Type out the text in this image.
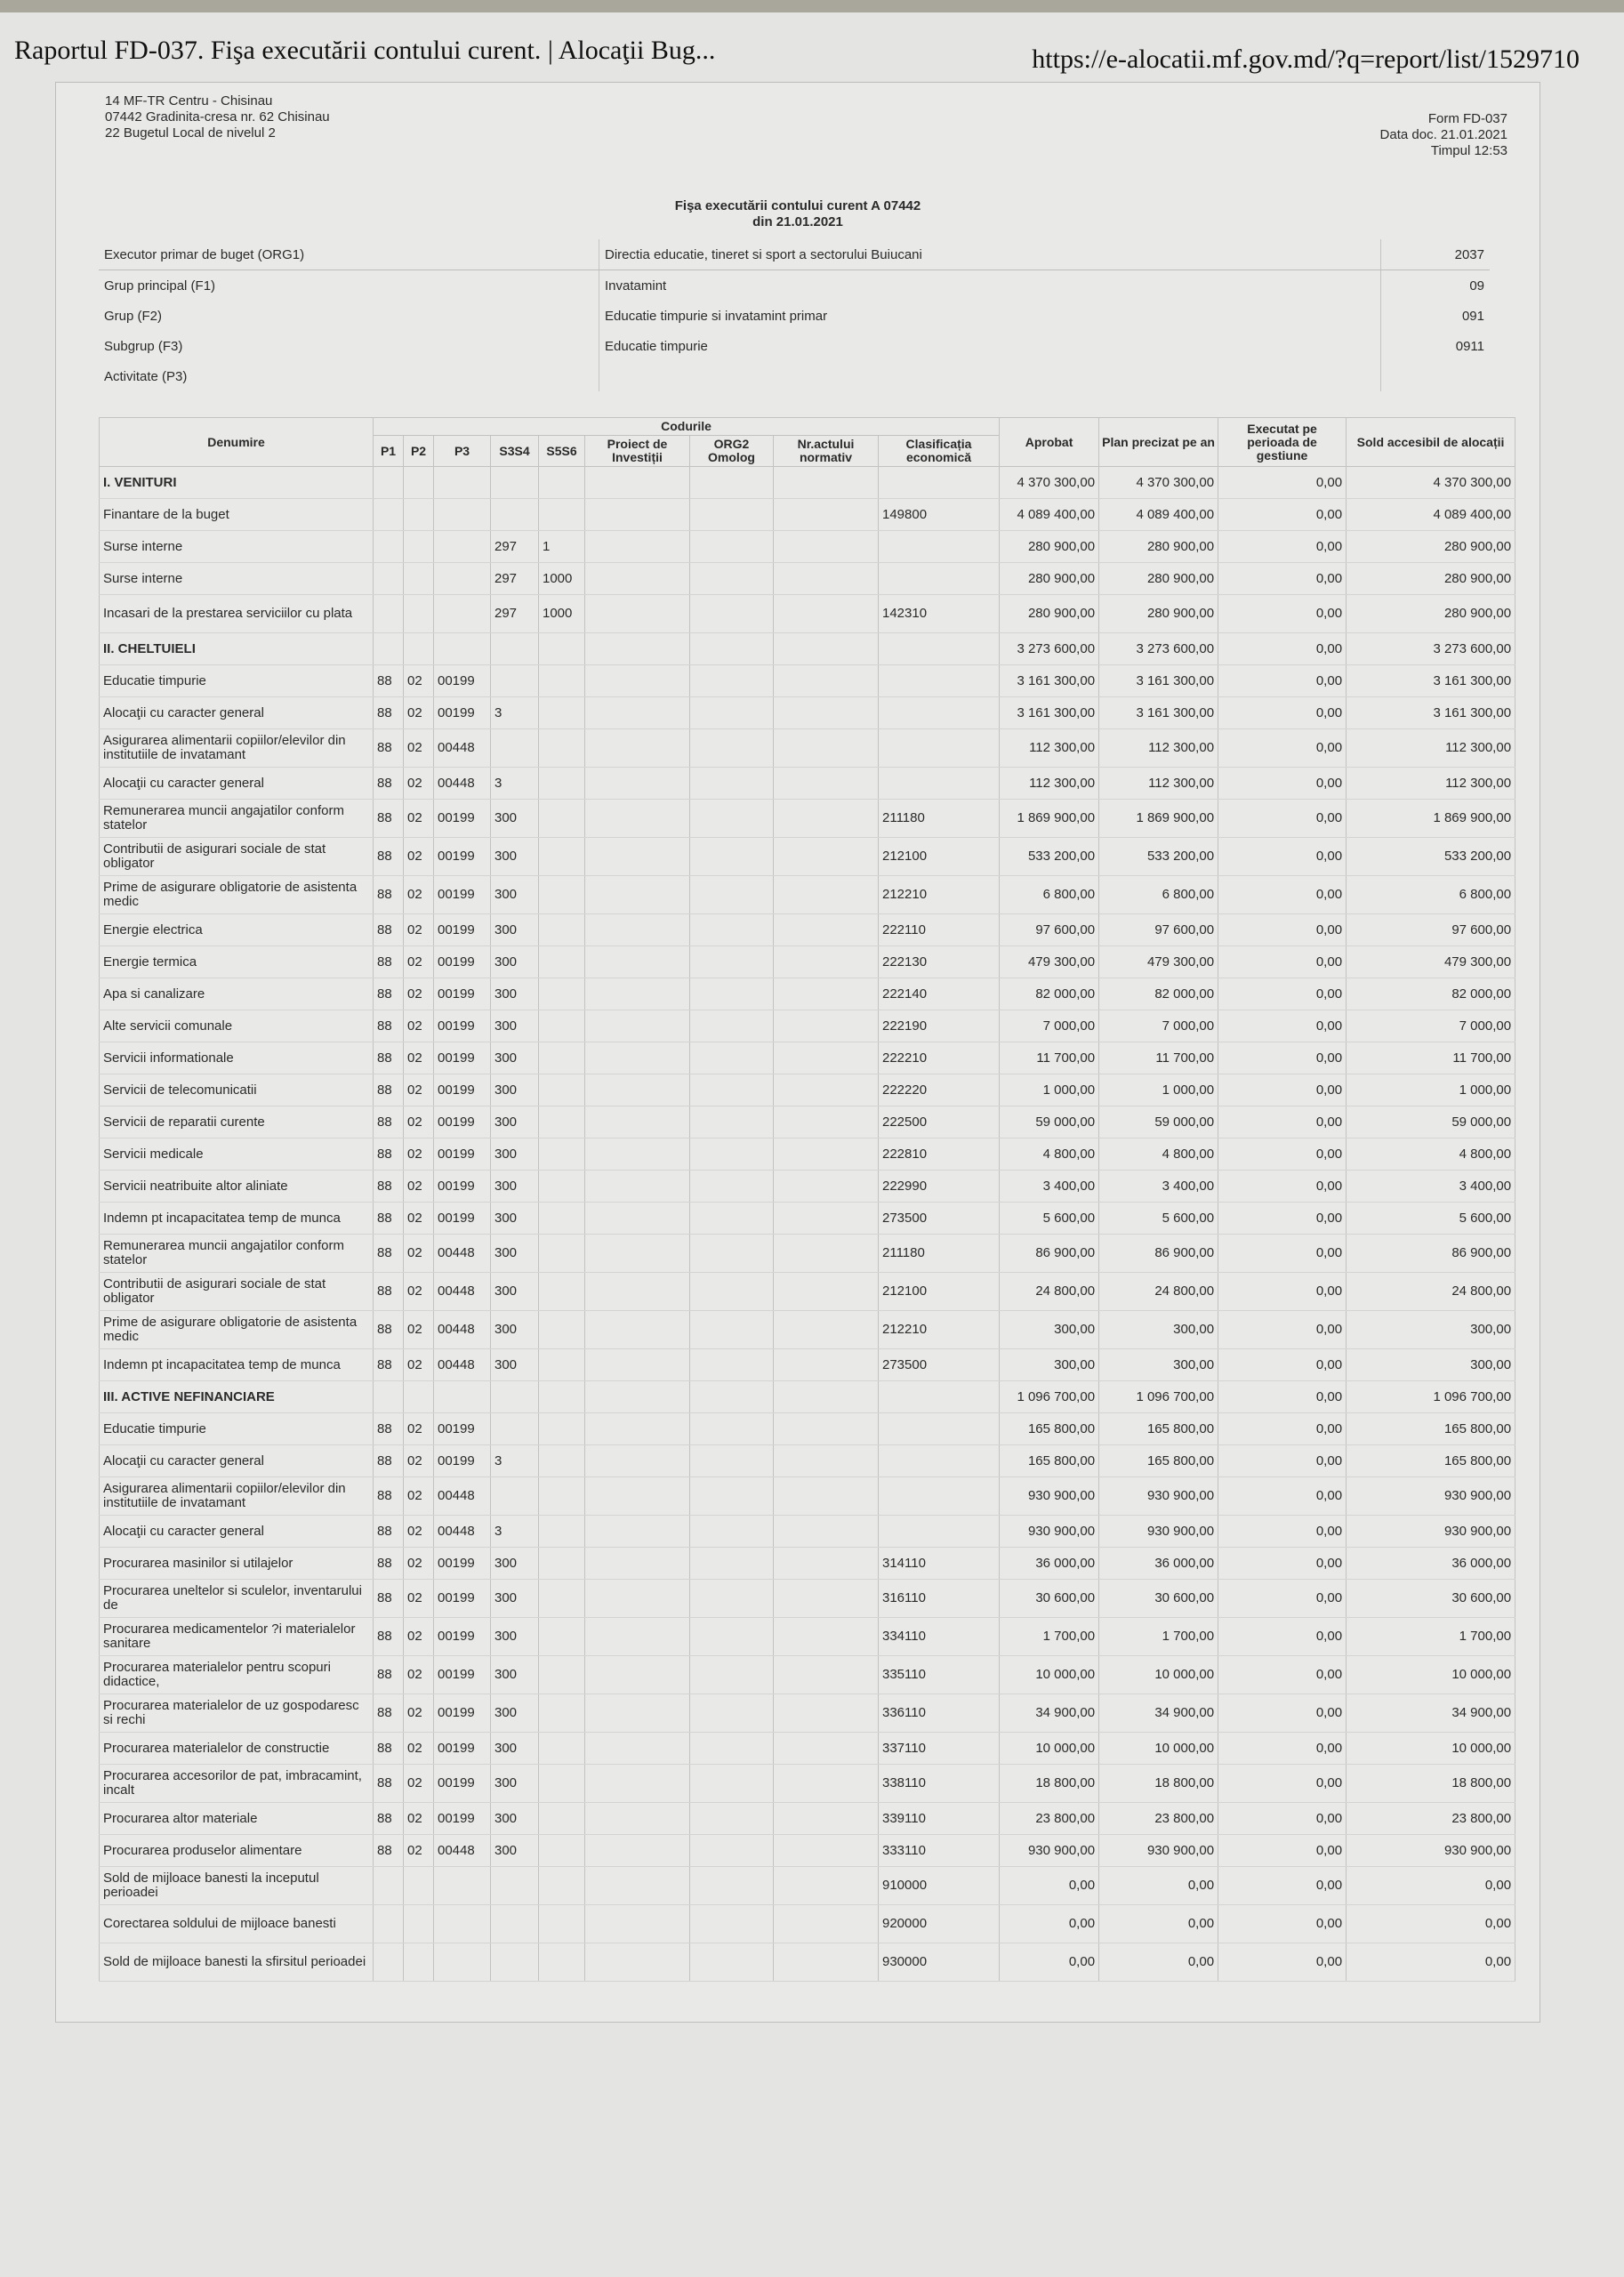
Raportul FD-037. Fişa executării contului curent. | Alocaţii Bug...	https://e-alocatii.mf.gov.md/?q=report/list/1529710
14 MF-TR Centru - Chisinau
07442 Gradinita-cresa nr. 62 Chisinau
22 Bugetul Local de nivelul 2
Form FD-037
Data doc. 21.01.2021
Timpul 12:53
Fişa executării contului curent A 07442
din 21.01.2021
Executor primar de buget (ORG1)	Directia educatie, tineret si sport a sectorului Buiucani	2037
Grup principal (F1)	Invatamint	09
Grup (F2)	Educatie timpurie si invatamint primar	091
Subgrup (F3)	Educatie timpurie	0911
Activitate (P3)		
Denumire	Codurile									Aprobat	Plan precizat pe an	Executat pe perioada de gestiune	Sold accesibil de alocații
	P1	P2	P3	S3S4	S5S6	Proiect de Investiții	ORG2 Omolog	Nr.actului normativ	Clasificația economică				
I. VENITURI										4 370 300,00	4 370 300,00	0,00	4 370 300,00
Finantare de la buget									149800	4 089 400,00	4 089 400,00	0,00	4 089 400,00
Surse interne				297	1					280 900,00	280 900,00	0,00	280 900,00
Surse interne				297	1000					280 900,00	280 900,00	0,00	280 900,00
Incasari de la prestarea serviciilor cu plata				297	1000				142310	280 900,00	280 900,00	0,00	280 900,00
II. CHELTUIELI										3 273 600,00	3 273 600,00	0,00	3 273 600,00
Educatie timpurie	88	02	00199							3 161 300,00	3 161 300,00	0,00	3 161 300,00
Alocaţii cu caracter general	88	02	00199	3						3 161 300,00	3 161 300,00	0,00	3 161 300,00
Asigurarea alimentarii copiilor/elevilor din institutiile de invatamant	88	02	00448							112 300,00	112 300,00	0,00	112 300,00
Alocaţii cu caracter general	88	02	00448	3						112 300,00	112 300,00	0,00	112 300,00
Remunerarea muncii angajatilor conform statelor	88	02	00199	300					211180	1 869 900,00	1 869 900,00	0,00	1 869 900,00
Contributii de asigurari sociale de stat obligator	88	02	00199	300					212100	533 200,00	533 200,00	0,00	533 200,00
Prime de asigurare obligatorie de asistenta medic	88	02	00199	300					212210	6 800,00	6 800,00	0,00	6 800,00
Energie electrica	88	02	00199	300					222110	97 600,00	97 600,00	0,00	97 600,00
Energie termica	88	02	00199	300					222130	479 300,00	479 300,00	0,00	479 300,00
Apa si canalizare	88	02	00199	300					222140	82 000,00	82 000,00	0,00	82 000,00
Alte servicii comunale	88	02	00199	300					222190	7 000,00	7 000,00	0,00	7 000,00
Servicii informationale	88	02	00199	300					222210	11 700,00	11 700,00	0,00	11 700,00
Servicii de telecomunicatii	88	02	00199	300					222220	1 000,00	1 000,00	0,00	1 000,00
Servicii de reparatii curente	88	02	00199	300					222500	59 000,00	59 000,00	0,00	59 000,00
Servicii medicale	88	02	00199	300					222810	4 800,00	4 800,00	0,00	4 800,00
Servicii neatribuite altor aliniate	88	02	00199	300					222990	3 400,00	3 400,00	0,00	3 400,00
Indemn pt incapacitatea temp de munca	88	02	00199	300					273500	5 600,00	5 600,00	0,00	5 600,00
Remunerarea muncii angajatilor conform statelor	88	02	00448	300					211180	86 900,00	86 900,00	0,00	86 900,00
Contributii de asigurari sociale de stat obligator	88	02	00448	300					212100	24 800,00	24 800,00	0,00	24 800,00
Prime de asigurare obligatorie de asistenta medic	88	02	00448	300					212210	300,00	300,00	0,00	300,00
Indemn pt incapacitatea temp de munca	88	02	00448	300					273500	300,00	300,00	0,00	300,00
III. ACTIVE NEFINANCIARE										1 096 700,00	1 096 700,00	0,00	1 096 700,00
Educatie timpurie	88	02	00199							165 800,00	165 800,00	0,00	165 800,00
Alocaţii cu caracter general	88	02	00199	3						165 800,00	165 800,00	0,00	165 800,00
Asigurarea alimentarii copiilor/elevilor din institutiile de invatamant	88	02	00448							930 900,00	930 900,00	0,00	930 900,00
Alocaţii cu caracter general	88	02	00448	3						930 900,00	930 900,00	0,00	930 900,00
Procurarea masinilor si utilajelor	88	02	00199	300					314110	36 000,00	36 000,00	0,00	36 000,00
Procurarea uneltelor si sculelor, inventarului de	88	02	00199	300					316110	30 600,00	30 600,00	0,00	30 600,00
Procurarea medicamentelor ?i materialelor sanitare	88	02	00199	300					334110	1 700,00	1 700,00	0,00	1 700,00
Procurarea materialelor pentru scopuri didactice,	88	02	00199	300					335110	10 000,00	10 000,00	0,00	10 000,00
Procurarea materialelor de uz gospodaresc si rechi	88	02	00199	300					336110	34 900,00	34 900,00	0,00	34 900,00
Procurarea materialelor de constructie	88	02	00199	300					337110	10 000,00	10 000,00	0,00	10 000,00
Procurarea accesorilor de pat, imbracamint, incalt	88	02	00199	300					338110	18 800,00	18 800,00	0,00	18 800,00
Procurarea altor materiale	88	02	00199	300					339110	23 800,00	23 800,00	0,00	23 800,00
Procurarea produselor alimentare	88	02	00448	300					333110	930 900,00	930 900,00	0,00	930 900,00
Sold de mijloace banesti la inceputul perioadei									910000	0,00	0,00	0,00	0,00
Corectarea soldului de mijloace banesti									920000	0,00	0,00	0,00	0,00
Sold de mijloace banesti la sfirsitul perioadei									930000	0,00	0,00	0,00	0,00
